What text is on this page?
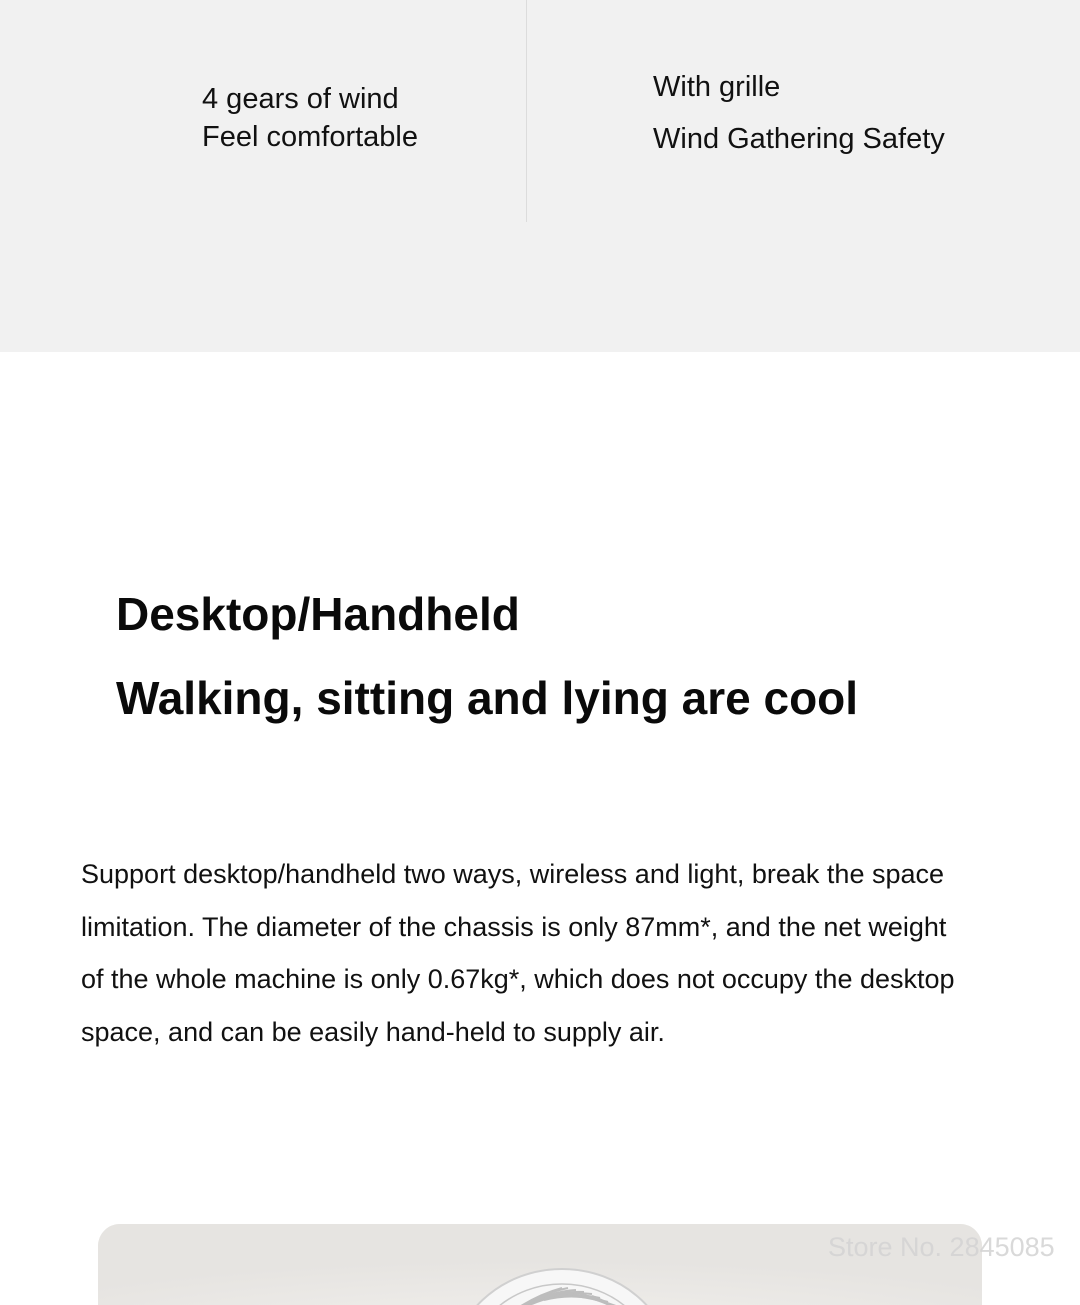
4 gears of wind
Feel comfortable
With grille
Wind Gathering Safety
Desktop/Handheld
Walking, sitting and lying are cool
Support desktop/handheld two ways, wireless and light, break the space
limitation. The diameter of the chassis is only 87mm*, and the net weight
of the whole machine is only 0.67kg*, which does not occupy the desktop
space, and can be easily hand-held to supply air.
Store No. 2845085
